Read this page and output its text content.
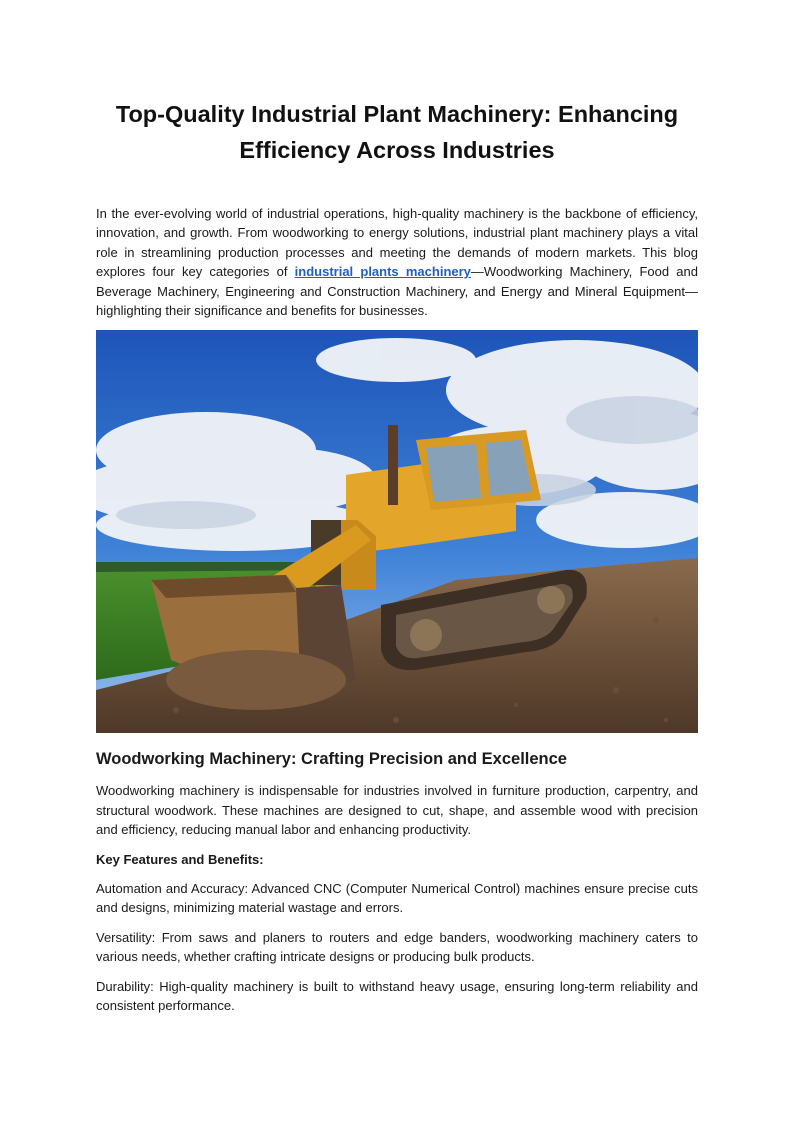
Top-Quality Industrial Plant Machinery: Enhancing
Efficiency Across Industries

In the ever-evolving world of industrial operations, high-quality machinery is the backbone of efficiency, innovation, and growth. From woodworking to energy solutions, industrial plant machinery plays a vital role in streamlining production processes and meeting the demands of modern markets. This blog explores four key categories of industrial plants machinery—Woodworking Machinery, Food and Beverage Machinery, Engineering and Construction Machinery, and Energy and Mineral Equipment—highlighting their significance and benefits for businesses.

Woodworking Machinery: Crafting Precision and Excellence

Woodworking machinery is indispensable for industries involved in furniture production, carpentry, and structural woodwork. These machines are designed to cut, shape, and assemble wood with precision and efficiency, reducing manual labor and enhancing productivity.

Key Features and Benefits:

Automation and Accuracy: Advanced CNC (Computer Numerical Control) machines ensure precise cuts and designs, minimizing material wastage and errors.

Versatility: From saws and planers to routers and edge banders, woodworking machinery caters to various needs, whether crafting intricate designs or producing bulk products.

Durability: High-quality machinery is built to withstand heavy usage, ensuring long-term reliability and consistent performance.
